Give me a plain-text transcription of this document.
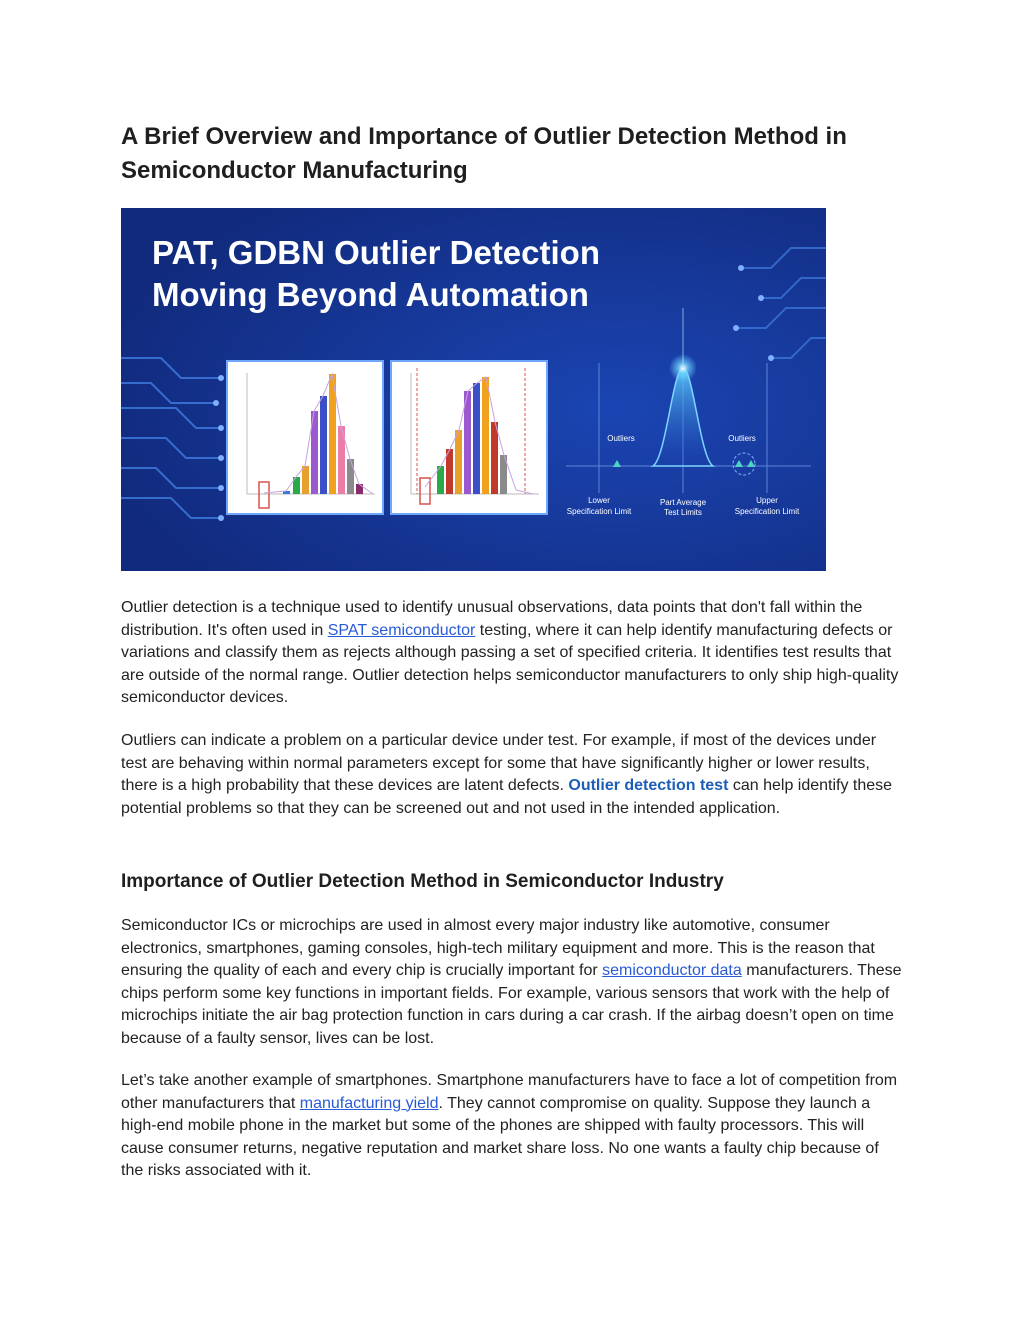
A Brief Overview and Importance of Outlier Detection Method in Semiconductor Manufacturing
PAT, GDBN Outlier Detection
Moving Beyond Automation
Outliers	Outliers
Lower
Specification Limit
Part Average
Test Limits
Upper
Specification Limit

Outlier detection is a technique used to identify unusual observations, data points that don't fall within the distribution. It's often used in SPAT semiconductor testing, where it can help identify manufacturing defects or variations and classify them as rejects although passing a set of specified criteria. It identifies test results that are outside of the normal range. Outlier detection helps semiconductor manufacturers to only ship high-quality semiconductor devices.

Outliers can indicate a problem on a particular device under test. For example, if most of the devices under test are behaving within normal parameters except for some that have significantly higher or lower results, there is a high probability that these devices are latent defects. Outlier detection test can help identify these potential problems so that they can be screened out and not used in the intended application.

Importance of Outlier Detection Method in Semiconductor Industry

Semiconductor ICs or microchips are used in almost every major industry like automotive, consumer electronics, smartphones, gaming consoles, high-tech military equipment and more. This is the reason that ensuring the quality of each and every chip is crucially important for semiconductor data manufacturers. These chips perform some key functions in important fields. For example, various sensors that work with the help of microchips initiate the air bag protection function in cars during a car crash. If the airbag doesn’t open on time because of a faulty sensor, lives can be lost.

Let’s take another example of smartphones. Smartphone manufacturers have to face a lot of competition from other manufacturers that manufacturing yield. They cannot compromise on quality. Suppose they launch a high-end mobile phone in the market but some of the phones are shipped with faulty processors. This will cause consumer returns, negative reputation and market share loss. No one wants a faulty chip because of the risks associated with it.
